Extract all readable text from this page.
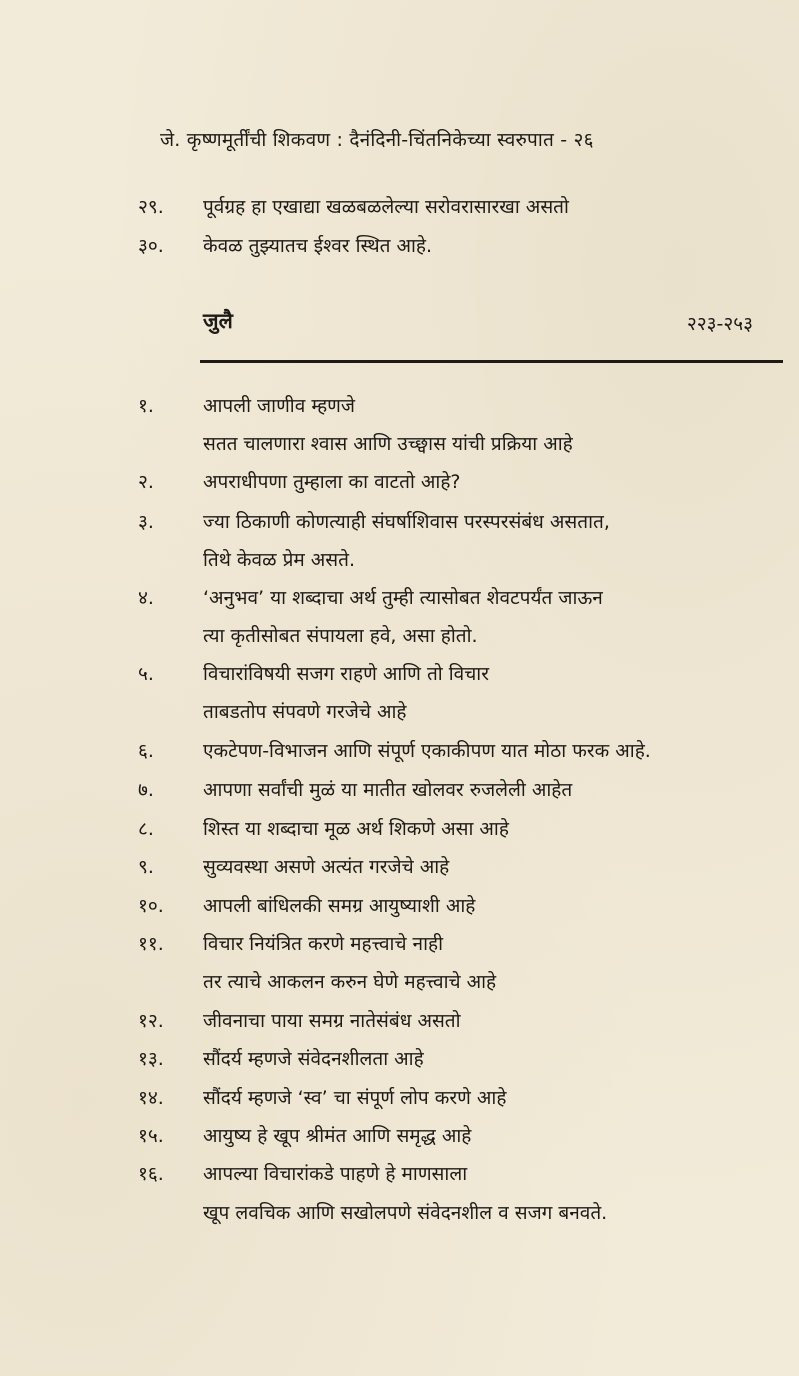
जे. कृष्णमूर्तींची शिकवण : दैनंदिनी-चिंतनिकेच्या स्वरुपात - २६
२९. पूर्वग्रह हा एखाद्या खळबळलेल्या सरोवरासारखा असतो
३०. केवळ तुझ्यातच ईश्वर स्थित आहे.
जुलै	२२३-२५३
१.	आपली जाणीव म्हणजे
सतत चालणारा श्वास आणि उच्छ्वास यांची प्रक्रिया आहे
२.	अपराधीपणा तुम्हाला का वाटतो आहे?
३.	ज्या ठिकाणी कोणत्याही संघर्षाशिवास परस्परसंबंध असतात,
तिथे केवळ प्रेम असते.
४.	‘अनुभव’ या शब्दाचा अर्थ तुम्ही त्यासोबत शेवटपर्यंत जाऊन
त्या कृतीसोबत संपायला हवे, असा होतो.
५.	विचारांविषयी सजग राहणे आणि तो विचार
ताबडतोप संपवणे गरजेचे आहे
६.	एकटेपण-विभाजन आणि संपूर्ण एकाकीपण यात मोठा फरक आहे.
७.	आपणा सर्वांची मुळं या मातीत खोलवर रुजलेली आहेत
८.	शिस्त या शब्दाचा मूळ अर्थ शिकणे असा आहे
९.	सुव्यवस्था असणे अत्यंत गरजेचे आहे
१०. आपली बांधिलकी समग्र आयुष्याशी आहे
११. विचार नियंत्रित करणे महत्त्वाचे नाही
तर त्याचे आकलन करुन घेणे महत्त्वाचे आहे
१२. जीवनाचा पाया समग्र नातेसंबंध असतो
१३. सौंदर्य म्हणजे संवेदनशीलता आहे
१४. सौंदर्य म्हणजे ‘स्व’ चा संपूर्ण लोप करणे आहे
१५. आयुष्य हे खूप श्रीमंत आणि समृद्ध आहे
१६. आपल्या विचारांकडे पाहणे हे माणसाला
खूप लवचिक आणि सखोलपणे संवेदनशील व सजग बनवते.
